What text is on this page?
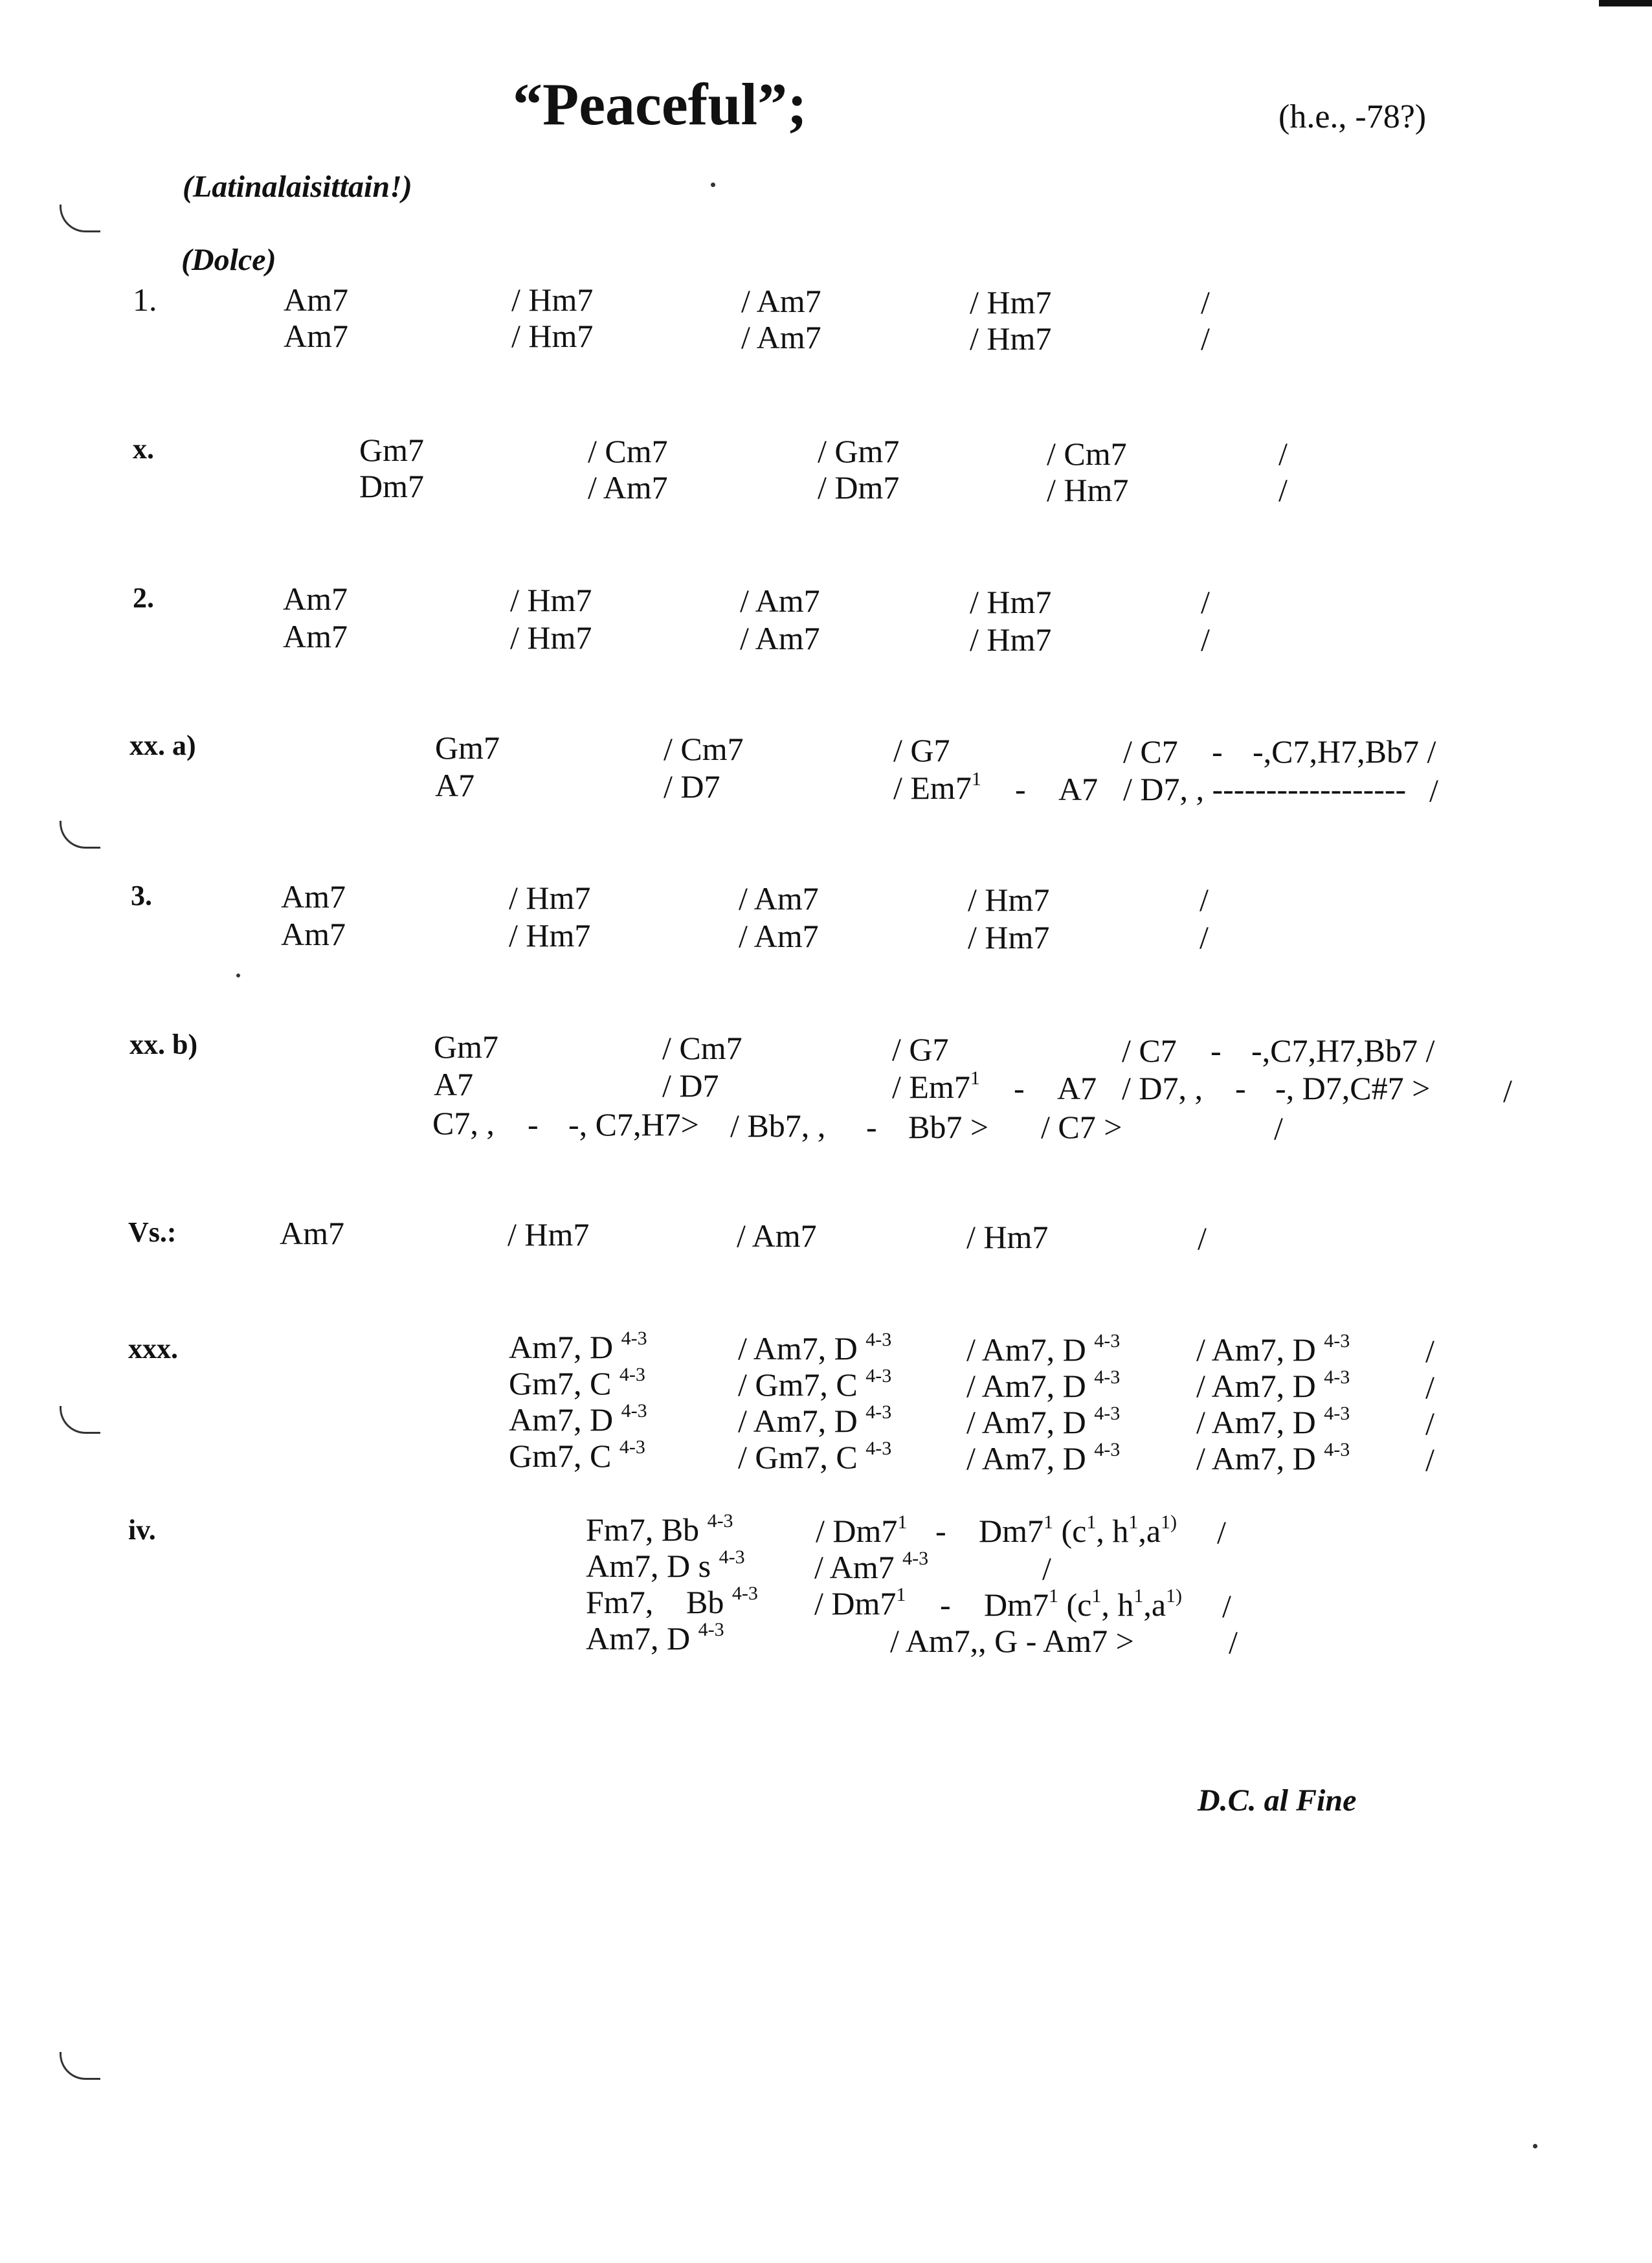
“Peaceful”;	(h.e., -78?)
(Latinalaisittain!)
(Dolce)
1.	Am7	/ Hm7	/ Am7	/ Hm7	/
Am7	/ Hm7	/ Am7	/ Hm7	/
x.	Gm7	/ Cm7	/ Gm7	/ Cm7	/
Dm7	/ Am7	/ Dm7	/ Hm7	/
2.	Am7	/ Hm7	/ Am7	/ Hm7	/
Am7	/ Hm7	/ Am7	/ Hm7	/
xx. a)	Gm7	/ Cm7	/ G7	/ C7 - -,C7,H7,Bb7 /
A7	/ D7	/ $Em7^1 - A7 / D7$, , ------------------ /
3.	Am7	/ Hm7	/ Am7	/ Hm7	/
Am7	/ Hm7	/ Am7	/ Hm7	/
xx. b)	Gm7	/ Cm7	/ G7	/ C7 - -,C7,H7,Bb7 /
A7	/ D7	/ $Em7^1 - A7 / D7$, , - -, D7,C#7 > /
C7, , - -, C7,H7> / Bb7, , - Bb7 > / C7 >	/
Vs.:	Am7	/ Hm7	/ Am7	/ Hm7	/
xxx.	Am7, D $^{4-3}$	/ Am7, D $^{4-3}$ / Am7, D $^{4-3}$ / Am7, D $^{4-3}$ /
Gm7, C $^{4-3}$	/ Gm7, C $^{4-3}$ / Am7, D $^{4-3}$ / Am7, D $^{4-3}$ /
Am7, D $^{4-3}$	/ Am7, D $^{4-3}$ / Am7, D $^{4-3}$ / Am7, D $^{4-3}$ /
Gm7, C $^{4-3}$	/ Gm7, C $^{4-3}$ / Am7, D $^{4-3}$ / Am7, D $^{4-3}$ /
iv.	Fm7, Bb $^{4-3}$	/ $Dm7^1 - Dm7^1$ ($c^1$, $h^1,a^{1)}$ /
Am7, D s $^{4-3}$ / Am7 $^{4-3}$	/
Fm7, Bb $^{4-3} / Dm7^1 - Dm7^1$ ($c^1$, $h^1,a^{1)}$ /
Am7, D $^{4-3}$	/ Am7,, G - Am7 >	/
D.C. al Fine
